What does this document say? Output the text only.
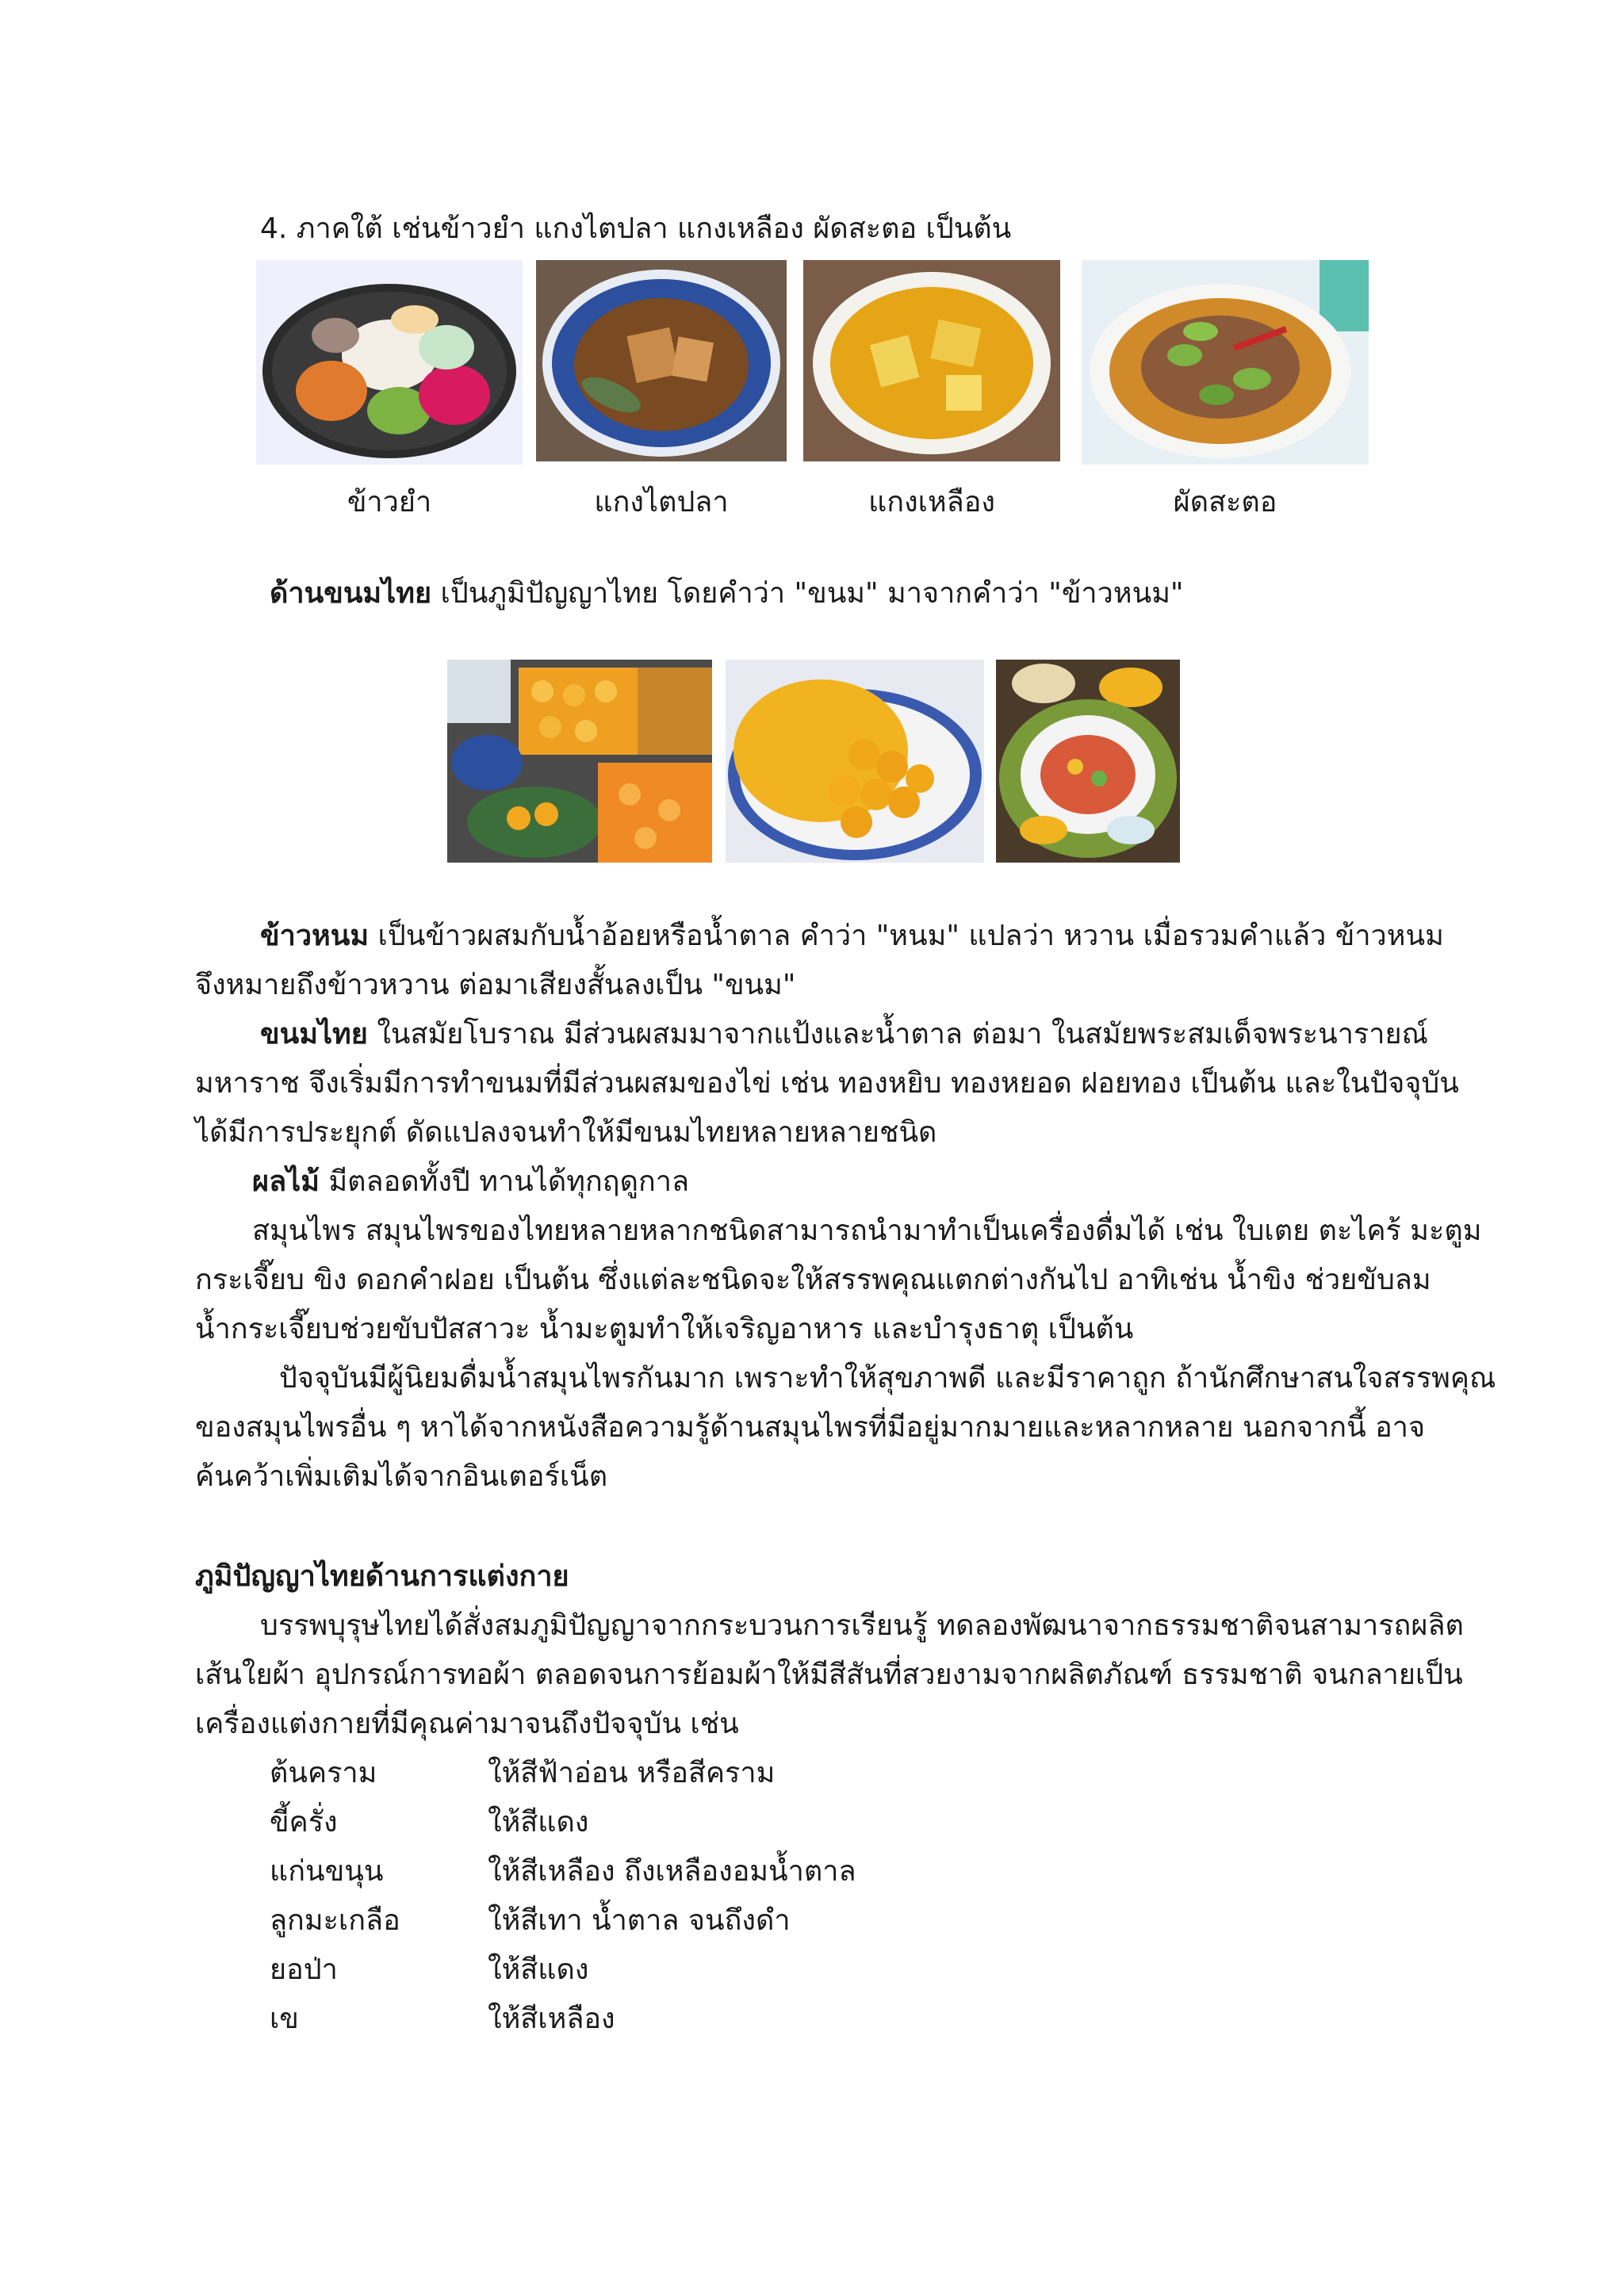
4. ภาคใต้ เช่นข้าวยำ แกงไตปลา แกงเหลือง ผัดสะตอ เป็นต้น
ข้าวยำ	แกงไตปลา	แกงเหลือง	ผัดสะตอ
ด้านขนมไทย เป็นภูมิปัญญาไทย โดยคำว่า "ขนม" มาจากคำว่า "ข้าวหนม"
ข้าวหนม เป็นข้าวผสมกับน้ำอ้อยหรือน้ำตาล คำว่า "หนม" แปลว่า หวาน เมื่อรวมคำแล้ว ข้าวหนม
จึงหมายถึงข้าวหวาน ต่อมาเสียงสั้นลงเป็น "ขนม"
ขนมไทย ในสมัยโบราณ มีส่วนผสมมาจากแป้งและน้ำตาล ต่อมา ในสมัยพระสมเด็จพระนารายณ์
มหาราช จึงเริ่มมีการทำขนมที่มีส่วนผสมของไข่ เช่น ทองหยิบ ทองหยอด ฝอยทอง เป็นต้น และในปัจจุบัน
ได้มีการประยุกต์ ดัดแปลงจนทำให้มีขนมไทยหลายหลายชนิด
ผลไม้ มีตลอดทั้งปี ทานได้ทุกฤดูกาล
สมุนไพร สมุนไพรของไทยหลายหลากชนิดสามารถนำมาทำเป็นเครื่องดื่มได้ เช่น ใบเตย ตะไคร้ มะตูม
กระเจี๊ยบ ขิง ดอกคำฝอย เป็นต้น ซึ่งแต่ละชนิดจะให้สรรพคุณแตกต่างกันไป อาทิเช่น น้ำขิง ช่วยขับลม
น้ำกระเจี๊ยบช่วยขับปัสสาวะ น้ำมะตูมทำให้เจริญอาหาร และบำรุงธาตุ เป็นต้น
ปัจจุบันมีผู้นิยมดื่มน้ำสมุนไพรกันมาก เพราะทำให้สุขภาพดี และมีราคาถูก ถ้านักศึกษาสนใจสรรพคุณ
ของสมุนไพรอื่น ๆ หาได้จากหนังสือความรู้ด้านสมุนไพรที่มีอยู่มากมายและหลากหลาย นอกจากนี้ อาจ
ค้นคว้าเพิ่มเติมได้จากอินเตอร์เน็ต
ภูมิปัญญาไทยด้านการแต่งกาย
บรรพบุรุษไทยได้สั่งสมภูมิปัญญาจากกระบวนการเรียนรู้ ทดลองพัฒนาจากธรรมชาติจนสามารถผลิต
เส้นใยผ้า อุปกรณ์การทอผ้า ตลอดจนการย้อมผ้าให้มีสีสันที่สวยงามจากผลิตภัณฑ์ ธรรมชาติ จนกลายเป็น
เครื่องแต่งกายที่มีคุณค่ามาจนถึงปัจจุบัน เช่น
ต้นคราม	ให้สีฟ้าอ่อน หรือสีคราม
ขี้ครั่ง	ให้สีแดง
แก่นขนุน	ให้สีเหลือง ถึงเหลืองอมน้ำตาล
ลูกมะเกลือ	ให้สีเทา น้ำตาล จนถึงดำ
ยอป่า	ให้สีแดง
เข	ให้สีเหลือง
